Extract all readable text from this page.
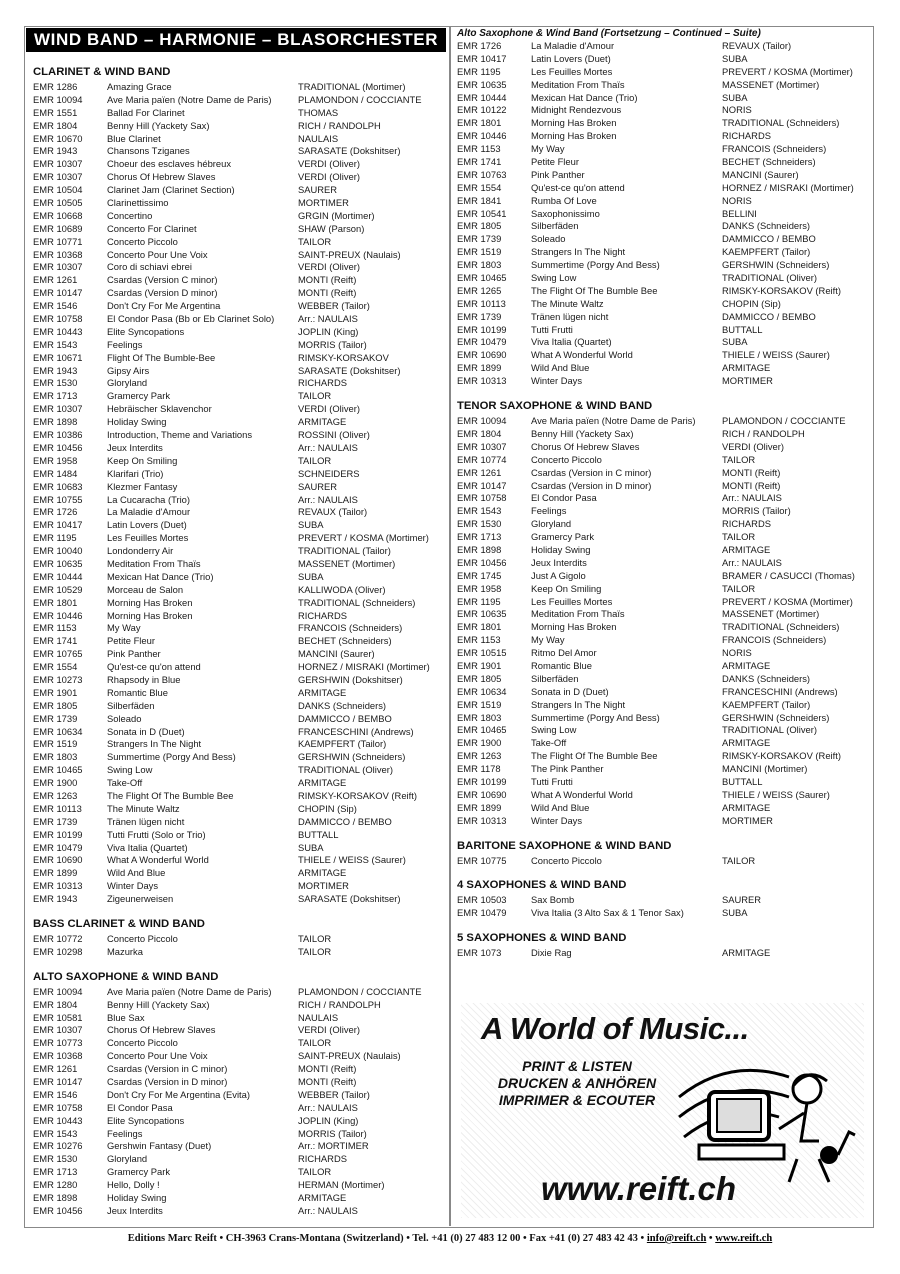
WIND BAND – HARMONIE – BLASORCHESTER
CLARINET & WIND BAND
EMR 1286	Amazing Grace	TRADITIONAL (Mortimer)
EMR 10094	Ave Maria païen (Notre Dame de Paris)	PLAMONDON / COCCIANTE
EMR 1551	Ballad For Clarinet	THOMAS
EMR 1804	Benny Hill (Yackety Sax)	RICH / RANDOLPH
EMR 10670	Blue Clarinet	NAULAIS
EMR 1943	Chansons Tziganes	SARASATE (Dokshitser)
EMR 10307	Choeur des esclaves hébreux	VERDI (Oliver)
EMR 10307	Chorus Of Hebrew Slaves	VERDI (Oliver)
EMR 10504	Clarinet Jam (Clarinet Section)	SAURER
EMR 10505	Clarinettissimo	MORTIMER
EMR 10668	Concertino	GRGIN (Mortimer)
EMR 10689	Concerto For Clarinet	SHAW (Parson)
EMR 10771	Concerto Piccolo	TAILOR
EMR 10368	Concerto Pour Une Voix	SAINT-PREUX (Naulais)
EMR 10307	Coro di schiavi ebrei	VERDI (Oliver)
EMR 1261	Csardas (Version C minor)	MONTI (Reift)
EMR 10147	Csardas (Version D minor)	MONTI (Reift)
EMR 1546	Don't Cry For Me Argentina	WEBBER (Tailor)
EMR 10758	El Condor Pasa (Bb or Eb Clarinet Solo)	Arr.: NAULAIS
EMR 10443	Elite Syncopations	JOPLIN (King)
EMR 1543	Feelings	MORRIS (Tailor)
EMR 10671	Flight Of The Bumble-Bee	RIMSKY-KORSAKOV
EMR 1943	Gipsy Airs	SARASATE (Dokshitser)
EMR 1530	Gloryland	RICHARDS
EMR 1713	Gramercy Park	TAILOR
EMR 10307	Hebräischer Sklavenchor	VERDI (Oliver)
EMR 1898	Holiday Swing	ARMITAGE
EMR 10386	Introduction, Theme and Variations	ROSSINI (Oliver)
EMR 10456	Jeux Interdits	Arr.: NAULAIS
EMR 1958	Keep On Smiling	TAILOR
EMR 1484	Klarifari (Trio)	SCHNEIDERS
EMR 10683	Klezmer Fantasy	SAURER
EMR 10755	La Cucaracha (Trio)	Arr.: NAULAIS
EMR 1726	La Maladie d'Amour	REVAUX (Tailor)
EMR 10417	Latin Lovers (Duet)	SUBA
EMR 1195	Les Feuilles Mortes	PREVERT / KOSMA (Mortimer)
EMR 10040	Londonderry Air	TRADITIONAL (Tailor)
EMR 10635	Meditation From Thaïs	MASSENET (Mortimer)
EMR 10444	Mexican Hat Dance (Trio)	SUBA
EMR 10529	Morceau de Salon	KALLIWODA (Oliver)
EMR 1801	Morning Has Broken	TRADITIONAL (Schneiders)
EMR 10446	Morning Has Broken	RICHARDS
EMR 1153	My Way	FRANCOIS (Schneiders)
EMR 1741	Petite Fleur	BECHET (Schneiders)
EMR 10765	Pink Panther	MANCINI (Saurer)
EMR 1554	Qu'est-ce qu'on attend	HORNEZ / MISRAKI (Mortimer)
EMR 10273	Rhapsody in Blue	GERSHWIN (Dokshitser)
EMR 1901	Romantic Blue	ARMITAGE
EMR 1805	Silberfäden	DANKS (Schneiders)
EMR 1739	Soleado	DAMMICCO / BEMBO
EMR 10634	Sonata in D (Duet)	FRANCESCHINI (Andrews)
EMR 1519	Strangers In The Night	KAEMPFERT (Tailor)
EMR 1803	Summertime (Porgy And Bess)	GERSHWIN (Schneiders)
EMR 10465	Swing Low	TRADITIONAL (Oliver)
EMR 1900	Take-Off	ARMITAGE
EMR 1263	The Flight Of The Bumble Bee	RIMSKY-KORSAKOV (Reift)
EMR 10113	The Minute Waltz	CHOPIN (Sip)
EMR 1739	Tränen lügen nicht	DAMMICCO / BEMBO
EMR 10199	Tutti Frutti (Solo or Trio)	BUTTALL
EMR 10479	Viva Italia (Quartet)	SUBA
EMR 10690	What A Wonderful World	THIELE / WEISS (Saurer)
EMR 1899	Wild And Blue	ARMITAGE
EMR 10313	Winter Days	MORTIMER
EMR 1943	Zigeunerweisen	SARASATE (Dokshitser)
BASS CLARINET & WIND BAND
EMR 10772	Concerto Piccolo	TAILOR
EMR 10298	Mazurka	TAILOR
ALTO SAXOPHONE & WIND BAND
EMR 10094	Ave Maria païen (Notre Dame de Paris)	PLAMONDON / COCCIANTE
EMR 1804	Benny Hill (Yackety Sax)	RICH / RANDOLPH
EMR 10581	Blue Sax	NAULAIS
EMR 10307	Chorus Of Hebrew Slaves	VERDI (Oliver)
EMR 10773	Concerto Piccolo	TAILOR
EMR 10368	Concerto Pour Une Voix	SAINT-PREUX (Naulais)
EMR 1261	Csardas (Version in C minor)	MONTI (Reift)
EMR 10147	Csardas (Version in D minor)	MONTI (Reift)
EMR 1546	Don't Cry For Me Argentina (Evita)	WEBBER (Tailor)
EMR 10758	El Condor Pasa	Arr.: NAULAIS
EMR 10443	Elite Syncopations	JOPLIN (King)
EMR 1543	Feelings	MORRIS (Tailor)
EMR 10276	Gershwin Fantasy (Duet)	Arr.: MORTIMER
EMR 1530	Gloryland	RICHARDS
EMR 1713	Gramercy Park	TAILOR
EMR 1280	Hello, Dolly !	HERMAN (Mortimer)
EMR 1898	Holiday Swing	ARMITAGE
EMR 10456	Jeux Interdits	Arr.: NAULAIS
Alto Saxophone & Wind Band (Fortsetzung – Continued – Suite)
EMR 1726	La Maladie d'Amour	REVAUX (Tailor)
EMR 10417	Latin Lovers (Duet)	SUBA
EMR 1195	Les Feuilles Mortes	PREVERT / KOSMA (Mortimer)
EMR 10635	Meditation From Thaïs	MASSENET (Mortimer)
EMR 10444	Mexican Hat Dance (Trio)	SUBA
EMR 10122	Midnight Rendezvous	NORIS
EMR 1801	Morning Has Broken	TRADITIONAL (Schneiders)
EMR 10446	Morning Has Broken	RICHARDS
EMR 1153	My Way	FRANCOIS (Schneiders)
EMR 1741	Petite Fleur	BECHET (Schneiders)
EMR 10763	Pink Panther	MANCINI (Saurer)
EMR 1554	Qu'est-ce qu'on attend	HORNEZ / MISRAKI (Mortimer)
EMR 1841	Rumba Of Love	NORIS
EMR 10541	Saxophonissimo	BELLINI
EMR 1805	Silberfäden	DANKS (Schneiders)
EMR 1739	Soleado	DAMMICCO / BEMBO
EMR 1519	Strangers In The Night	KAEMPFERT (Tailor)
EMR 1803	Summertime (Porgy And Bess)	GERSHWIN (Schneiders)
EMR 10465	Swing Low	TRADITIONAL (Oliver)
EMR 1265	The Flight Of The Bumble Bee	RIMSKY-KORSAKOV (Reift)
EMR 10113	The Minute Waltz	CHOPIN (Sip)
EMR 1739	Tränen lügen nicht	DAMMICCO / BEMBO
EMR 10199	Tutti Frutti	BUTTALL
EMR 10479	Viva Italia (Quartet)	SUBA
EMR 10690	What A Wonderful World	THIELE / WEISS (Saurer)
EMR 1899	Wild And Blue	ARMITAGE
EMR 10313	Winter Days	MORTIMER
TENOR SAXOPHONE & WIND BAND
EMR 10094	Ave Maria païen (Notre Dame de Paris)	PLAMONDON / COCCIANTE
EMR 1804	Benny Hill (Yackety Sax)	RICH / RANDOLPH
EMR 10307	Chorus Of Hebrew Slaves	VERDI (Oliver)
EMR 10774	Concerto Piccolo	TAILOR
EMR 1261	Csardas (Version in C minor)	MONTI (Reift)
EMR 10147	Csardas (Version in D minor)	MONTI (Reift)
EMR 10758	El Condor Pasa	Arr.: NAULAIS
EMR 1543	Feelings	MORRIS (Tailor)
EMR 1530	Gloryland	RICHARDS
EMR 1713	Gramercy Park	TAILOR
EMR 1898	Holiday Swing	ARMITAGE
EMR 10456	Jeux Interdits	Arr.: NAULAIS
EMR 1745	Just A Gigolo	BRAMER / CASUCCI (Thomas)
EMR 1958	Keep On Smiling	TAILOR
EMR 1195	Les Feuilles Mortes	PREVERT / KOSMA (Mortimer)
EMR 10635	Meditation From Thaïs	MASSENET (Mortimer)
EMR 1801	Morning Has Broken	TRADITIONAL (Schneiders)
EMR 1153	My Way	FRANCOIS (Schneiders)
EMR 10515	Ritmo Del Amor	NORIS
EMR 1901	Romantic Blue	ARMITAGE
EMR 1805	Silberfäden	DANKS (Schneiders)
EMR 10634	Sonata in D (Duet)	FRANCESCHINI (Andrews)
EMR 1519	Strangers In The Night	KAEMPFERT (Tailor)
EMR 1803	Summertime (Porgy And Bess)	GERSHWIN (Schneiders)
EMR 10465	Swing Low	TRADITIONAL (Oliver)
EMR 1900	Take-Off	ARMITAGE
EMR 1263	The Flight Of The Bumble Bee	RIMSKY-KORSAKOV (Reift)
EMR 1178	The Pink Panther	MANCINI (Mortimer)
EMR 10199	Tutti Frutti	BUTTALL
EMR 10690	What A Wonderful World	THIELE / WEISS (Saurer)
EMR 1899	Wild And Blue	ARMITAGE
EMR 10313	Winter Days	MORTIMER
BARITONE SAXOPHONE & WIND BAND
EMR 10775	Concerto Piccolo	TAILOR
4 SAXOPHONES & WIND BAND
EMR 10503	Sax Bomb	SAURER
EMR 10479	Viva Italia (3 Alto Sax & 1 Tenor Sax)	SUBA
5 SAXOPHONES & WIND BAND
EMR 1073	Dixie Rag	ARMITAGE
A World of Music...
PRINT & LISTEN
DRUCKEN & ANHÖREN
IMPRIMER & ECOUTER
www.reift.ch
Editions Marc Reift • CH-3963 Crans-Montana (Switzerland) • Tel. +41 (0) 27 483 12 00 • Fax +41 (0) 27 483 42 43 • info@reift.ch • www.reift.ch
